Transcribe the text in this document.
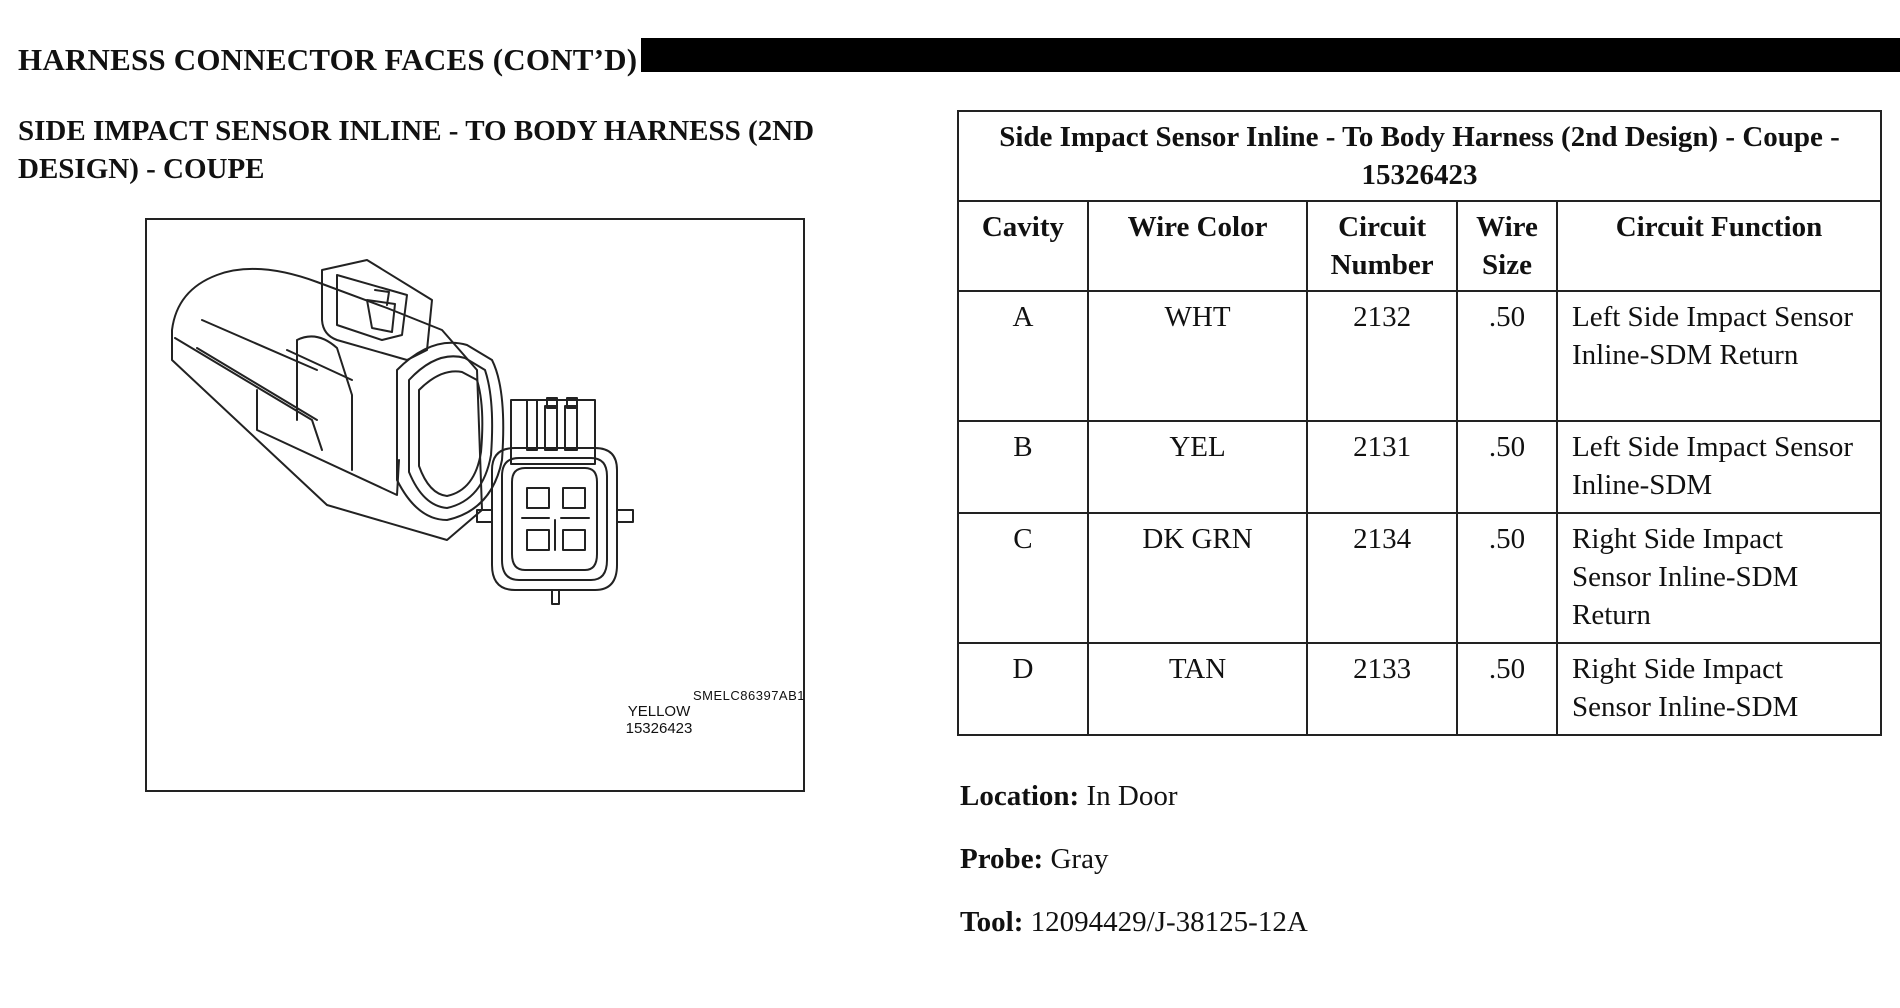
HARNESS CONNECTOR FACES (CONT’D)
SIDE IMPACT SENSOR INLINE - TO BODY HARNESS (2ND DESIGN) - COUPE
YELLOW
15326423
SMELC86397AB1
Side Impact Sensor Inline - To Body Harness (2nd Design) - Coupe - 15326423				
Cavity	Wire Color	Circuit Number	Wire Size	Circuit Function
A	WHT	2132	.50	Left Side Impact Sensor Inline-SDM Return
B	YEL	2131	.50	Left Side Impact Sensor Inline-SDM
C	DK GRN	2134	.50	Right Side Impact Sensor Inline-SDM Return
D	TAN	2133	.50	Right Side Impact Sensor Inline-SDM
Location: In Door
Probe: Gray
Tool: 12094429/J-38125-12A
